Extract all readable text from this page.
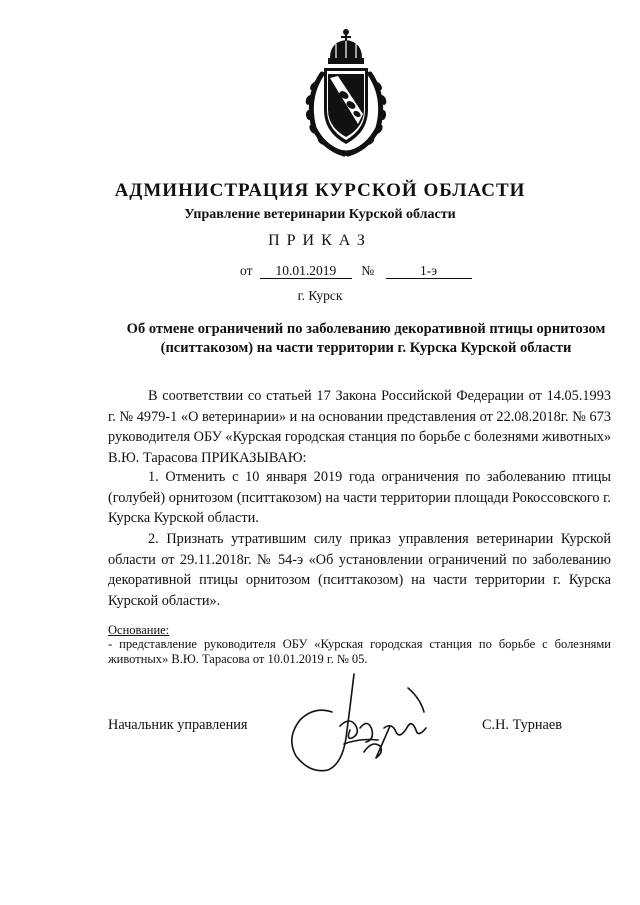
АДМИНИСТРАЦИЯ КУРСКОЙ ОБЛАСТИ
Управление ветеринарии Курской области
ПРИКАЗ
от 10.01.2019 №	1-э
г. Курск
Об отмене ограничений по заболеванию декоративной птицы орнитозом (пситтакозом) на части территории г. Курска Курской области

В соответствии со статьей 17 Закона Российской Федерации от 14.05.1993 г. № 4979-1 «О ветеринарии» и на основании представления от 22.08.2018г. № 673 руководителя ОБУ «Курская городская станция по борьбе с болезнями животных» В.Ю. Тарасова ПРИКАЗЫВАЮ:

1. Отменить с 10 января 2019 года ограничения по заболеванию птицы (голубей) орнитозом (пситтакозом) на части территории площади Рокоссовского г. Курска Курской области.

2. Признать утратившим силу приказ управления ветеринарии Курской области от 29.11.2018г. № 54-э «Об установлении ограничений по заболеванию декоративной птицы орнитозом (пситтакозом) на части территории г. Курска Курской области».

Основание:

- представление руководителя ОБУ «Курская городская станция по борьбе с болезнями животных» В.Ю. Тарасова от 10.01.2019 г. № 05.

Начальник управления	С.Н. Турнаев
